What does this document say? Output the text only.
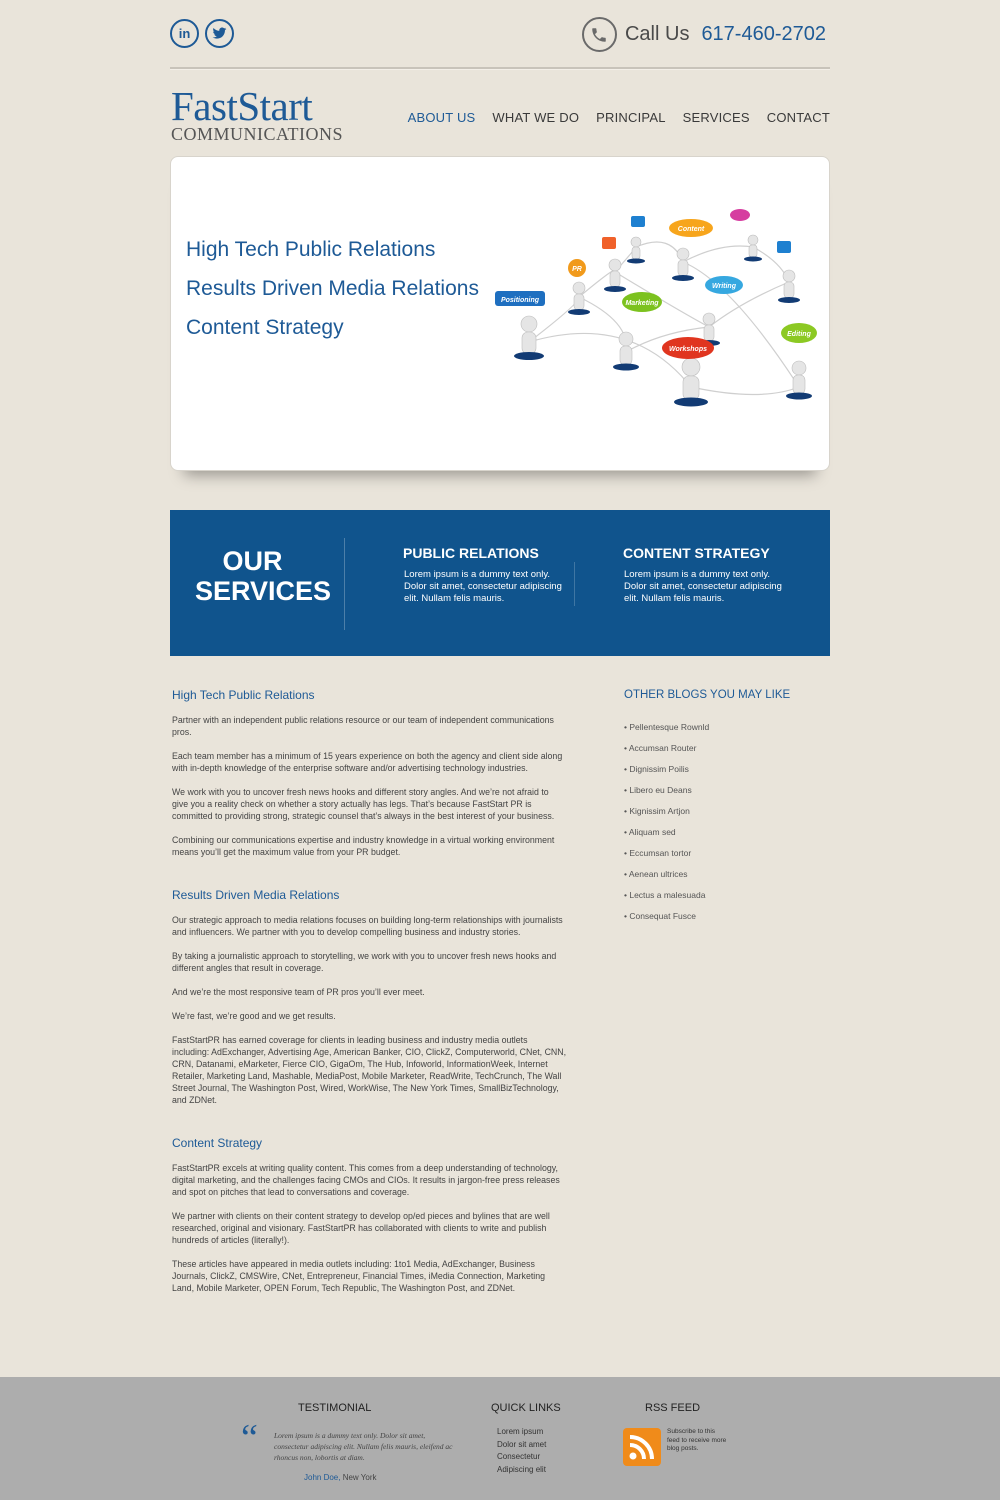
in	Call Us 617-460-2702
FastStart
COMMUNICATIONS
ABOUT US WHAT WE DO PRINCIPAL SERVICES CONTACT
High Tech Public Relations
Results Driven Media Relations
Content Strategy
Positioning
PR
Marketing
Content
Writing
Workshops
Editing
OUR
SERVICES
PUBLIC RELATIONS

Lorem ipsum is a dummy text only. Dolor sit amet, consectetur adipiscing elit. Nullam felis mauris.

CONTENT STRATEGY

Lorem ipsum is a dummy text only. Dolor sit amet, consectetur adipiscing elit. Nullam felis mauris.

High Tech Public Relations

Partner with an independent public relations resource or our team of independent communications pros.

Each team member has a minimum of 15 years experience on both the agency and client side along with in-depth knowledge of the enterprise software and/or advertising technology industries.

We work with you to uncover fresh news hooks and different story angles. And we’re not afraid to give you a reality check on whether a story actually has legs. That’s because FastStart PR is committed to providing strong, strategic counsel that’s always in the best interest of your business.

Combining our communications expertise and industry knowledge in a virtual working environment means you’ll get the maximum value from your PR budget.

Results Driven Media Relations

Our strategic approach to media relations focuses on building long-term relationships with journalists and influencers. We partner with you to develop compelling business and industry stories.

By taking a journalistic approach to storytelling, we work with you to uncover fresh news hooks and different angles that result in coverage.

And we’re the most responsive team of PR pros you’ll ever meet.

We’re fast, we’re good and we get results.

FastStartPR has earned coverage for clients in leading business and industry media outlets including: AdExchanger, Advertising Age, American Banker, CIO, ClickZ, Computerworld, CNet, CNN, CRN, Datanami, eMarketer, Fierce CIO, GigaOm, The Hub, Infoworld, InformationWeek, Internet Retailer, Marketing Land, Mashable, MediaPost, Mobile Marketer, ReadWrite, TechCrunch, The Wall Street Journal, The Washington Post, Wired, WorkWise, The New York Times, SmallBizTechnology, and ZDNet.

Content Strategy

FastStartPR excels at writing quality content. This comes from a deep understanding of technology, digital marketing, and the challenges facing CMOs and CIOs. It results in jargon-free press releases and spot on pitches that lead to conversations and coverage.

We partner with clients on their content strategy to develop op/ed pieces and bylines that are well researched, original and visionary. FastStartPR has collaborated with clients to write and publish hundreds of articles (literally!).

These articles have appeared in media outlets including: 1to1 Media, AdExchanger, Business Journals, ClickZ, CMSWire, CNet, Entrepreneur, Financial Times, iMedia Connection, Marketing Land, Mobile Marketer, OPEN Forum, Tech Republic, The Washington Post, and ZDNet.

OTHER BLOGS YOU MAY LIKE
• Pellentesque Rownld
• Accumsan Router
• Dignissim Poilis
• Libero eu Deans
• Kignissim Artjon
• Aliquam sed
• Eccumsan tortor
• Aenean ultrices
• Lectus a malesuada
• Consequat Fusce
TESTIMONIAL
“ Lorem ipsum is a dummy text only. Dolor sit amet, consectetur adipiscing elit. Nullam felis mauris, eleifend ac rhoncus non, lobortis at diam.
John Doe, New York
QUICK LINKS
Lorem ipsum
Dolor sit amet
Consectetur
Adipiscing elit
RSS FEED
Subscribe to this feed to receive more blog posts.
